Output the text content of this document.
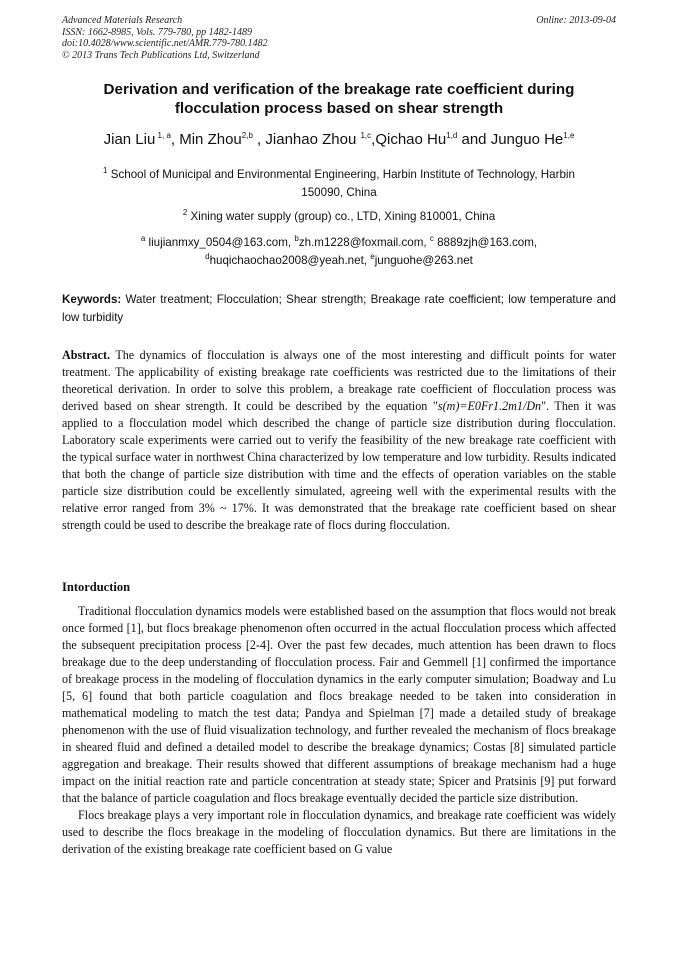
Advanced Materials Research
ISSN: 1662-8985, Vols. 779-780, pp 1482-1489
doi:10.4028/www.scientific.net/AMR.779-780.1482
© 2013 Trans Tech Publications Ltd, Switzerland
Online: 2013-09-04
Derivation and verification of the breakage rate coefficient during
flocculation process based on shear strength
Jian Liu $^{1, a}$, Min Zhou$^{2,b}$ , Jianhao Zhou $^{1,c}$,Qichao Hu$^{1,d}$ and Junguo He$^{1,e}$
$^1$ School of Municipal and Environmental Engineering, Harbin Institute of Technology, Harbin
150090, China
$^2$ Xining water supply (group) co., LTD, Xining 810001, China
$^a$ liujianmxy_0504@163.com, $^b$zh.m1228@foxmail.com, $^c$ 8889zjh@163.com,
$^d$huqichaochao2008@yeah.net, $^e$junguohe@263.net
Keywords: Water treatment; Flocculation; Shear strength; Breakage rate coefficient; low temperature and low turbidity
Abstract. The dynamics of flocculation is always one of the most interesting and difficult points for water treatment. The applicability of existing breakage rate coefficients was restricted due to the limitations of their theoretical derivation. In order to solve this problem, a breakage rate coefficient of flocculation process was derived based on shear strength. It could be described by the equation "s(m)=E0Fr1.2m1/Dn". Then it was applied to a flocculation model which described the change of particle size distribution during flocculation. Laboratory scale experiments were carried out to verify the feasibility of the new breakage rate coefficient with the typical surface water in northwest China characterized by low temperature and low turbidity. Results indicated that both the change of particle size distribution with time and the effects of operation variables on the stable particle size distribution could be excellently simulated, agreeing well with the experimental results with the relative error ranged from 3% ~ 17%. It was demonstrated that the breakage rate coefficient based on shear strength could be used to describe the breakage rate of flocs during flocculation.
Intorduction

Traditional flocculation dynamics models were established based on the assumption that flocs would not break once formed [1], but flocs breakage phenomenon often occurred in the actual flocculation process which affected the subsequent precipitation process [2-4]. Over the past few decades, much attention has been drawn to flocs breakage due to the deep understanding of flocculation process. Fair and Gemmell [1] confirmed the importance of breakage process in the modeling of flocculation dynamics in the early computer simulation; Boadway and Lu [5, 6] found that both particle coagulation and flocs breakage needed to be taken into consideration in mathematical modeling to match the test data; Pandya and Spielman [7] made a detailed study of breakage phenomenon with the use of fluid visualization technology, and further revealed the mechanism of flocs breakage in sheared fluid and defined a detailed model to describe the breakage dynamics; Costas [8] simulated particle aggregation and breakage. Their results showed that different assumptions of breakage mechanism had a huge impact on the initial reaction rate and particle concentration at steady state; Spicer and Pratsinis [9] put forward that the balance of particle coagulation and flocs breakage eventually decided the particle size distribution.

Flocs breakage plays a very important role in flocculation dynamics, and breakage rate coefficient was widely used to describe the flocs breakage in the modeling of flocculation dynamics. But there are limitations in the derivation of the existing breakage rate coefficient based on G value
